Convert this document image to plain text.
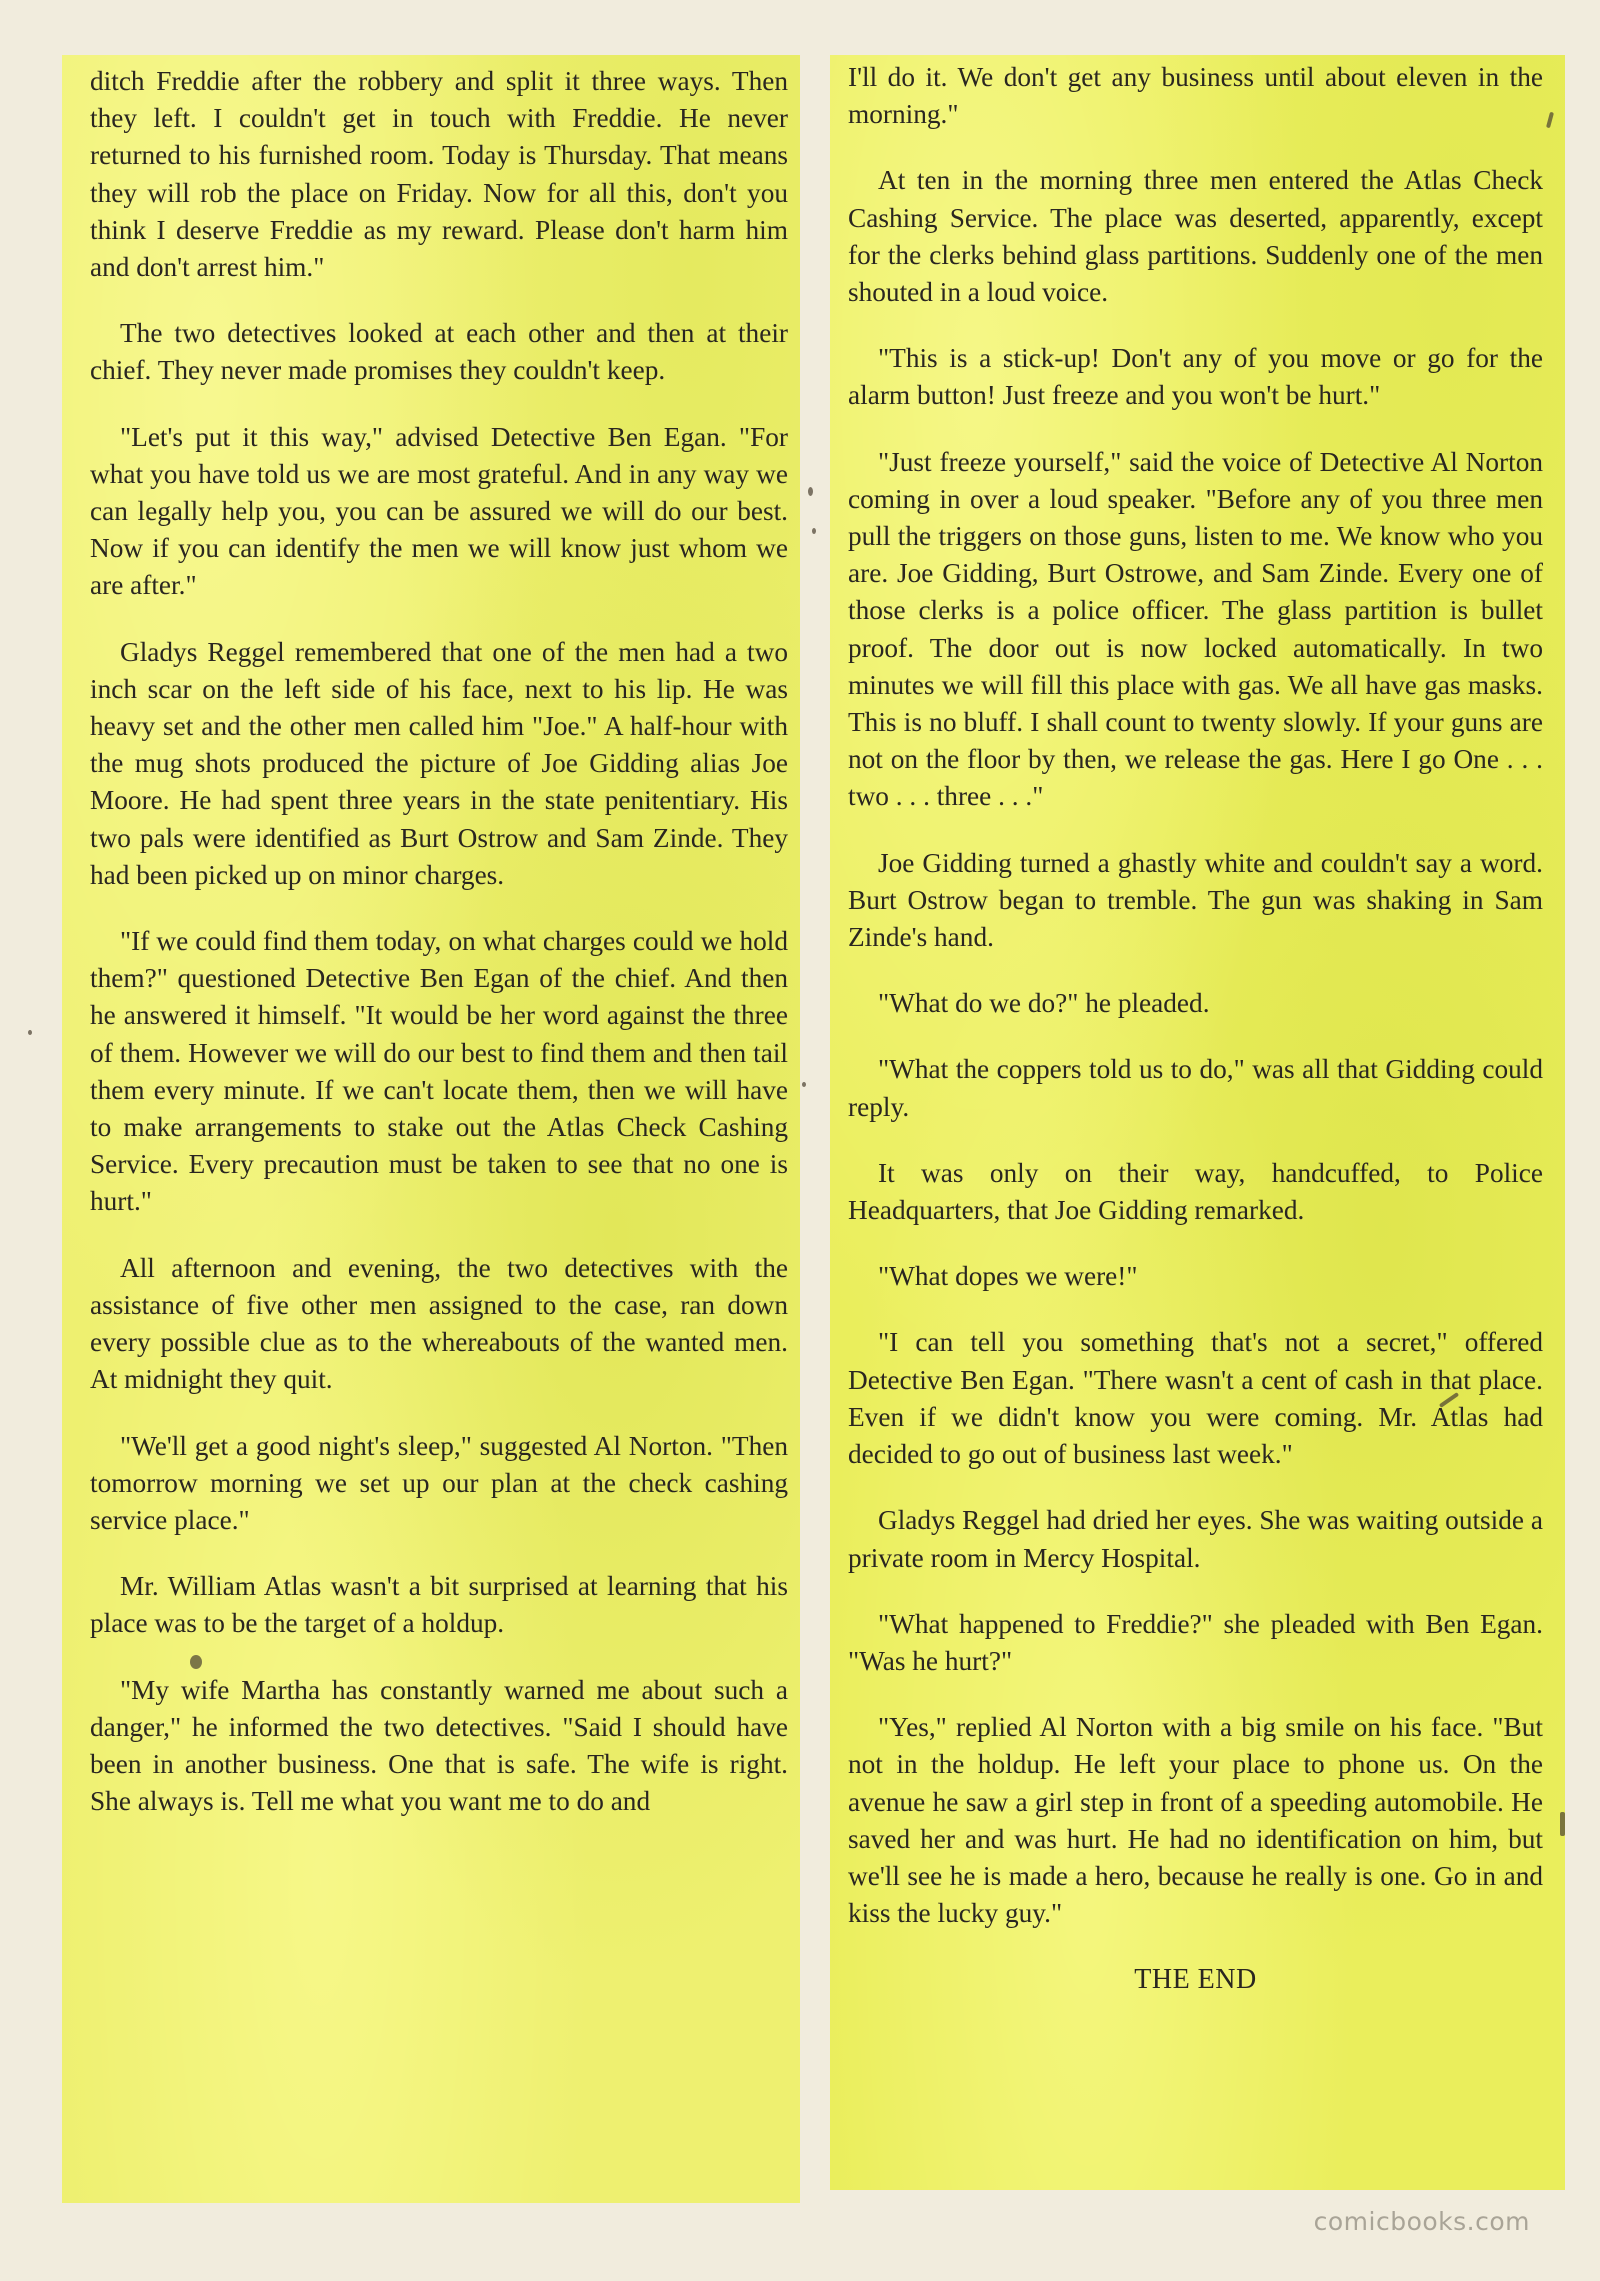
ditch Freddie after the robbery and split it three ways. Then they left. I couldn't get in touch with Freddie. He never returned to his furnished room. Today is Thursday. That means they will rob the place on Friday. Now for all this, don't you think I deserve Freddie as my reward. Please don't harm him and don't arrest him."

The two detectives looked at each other and then at their chief. They never made promises they couldn't keep.

"Let's put it this way," advised Detective Ben Egan. "For what you have told us we are most grateful. And in any way we can legally help you, you can be assured we will do our best. Now if you can identify the men we will know just whom we are after."

Gladys Reggel remembered that one of the men had a two inch scar on the left side of his face, next to his lip. He was heavy set and the other men called him "Joe." A half-hour with the mug shots produced the picture of Joe Gidding alias Joe Moore. He had spent three years in the state penitentiary. His two pals were identified as Burt Ostrow and Sam Zinde. They had been picked up on minor charges.

"If we could find them today, on what charges could we hold them?" questioned Detective Ben Egan of the chief. And then he answered it himself. "It would be her word against the three of them. However we will do our best to find them and then tail them every minute. If we can't locate them, then we will have to make arrangements to stake out the Atlas Check Cashing Service. Every precaution must be taken to see that no one is hurt."

All afternoon and evening, the two detectives with the assistance of five other men assigned to the case, ran down every possible clue as to the whereabouts of the wanted men. At midnight they quit.

"We'll get a good night's sleep," suggested Al Norton. "Then tomorrow morning we set up our plan at the check cashing service place."

Mr. William Atlas wasn't a bit surprised at learning that his place was to be the target of a holdup.

"My wife Martha has constantly warned me about such a danger," he informed the two detectives. "Said I should have been in another business. One that is safe. The wife is right. She always is. Tell me what you want me to do and

I'll do it. We don't get any business until about eleven in the morning."

At ten in the morning three men entered the Atlas Check Cashing Service. The place was deserted, apparently, except for the clerks behind glass partitions. Suddenly one of the men shouted in a loud voice.

"This is a stick-up! Don't any of you move or go for the alarm button! Just freeze and you won't be hurt."

"Just freeze yourself," said the voice of Detective Al Norton coming in over a loud speaker. "Before any of you three men pull the triggers on those guns, listen to me. We know who you are. Joe Gidding, Burt Ostrowe, and Sam Zinde. Every one of those clerks is a police officer. The glass partition is bullet proof. The door out is now locked automatically. In two minutes we will fill this place with gas. We all have gas masks. This is no bluff. I shall count to twenty slowly. If your guns are not on the floor by then, we release the gas. Here I go One . . . two . . . three . . ."

Joe Gidding turned a ghastly white and couldn't say a word. Burt Ostrow began to tremble. The gun was shaking in Sam Zinde's hand.

"What do we do?" he pleaded.

"What the coppers told us to do," was all that Gidding could reply.

It was only on their way, handcuffed, to Police Headquarters, that Joe Gidding remarked.

"What dopes we were!"

"I can tell you something that's not a secret," offered Detective Ben Egan. "There wasn't a cent of cash in that place. Even if we didn't know you were coming. Mr. Atlas had decided to go out of business last week."

Gladys Reggel had dried her eyes. She was waiting outside a private room in Mercy Hospital.

"What happened to Freddie?" she pleaded with Ben Egan. "Was he hurt?"

"Yes," replied Al Norton with a big smile on his face. "But not in the holdup. He left your place to phone us. On the avenue he saw a girl step in front of a speeding automobile. He saved her and was hurt. He had no identification on him, but we'll see he is made a hero, because he really is one. Go in and kiss the lucky guy."

THE END

comicbooks.com
